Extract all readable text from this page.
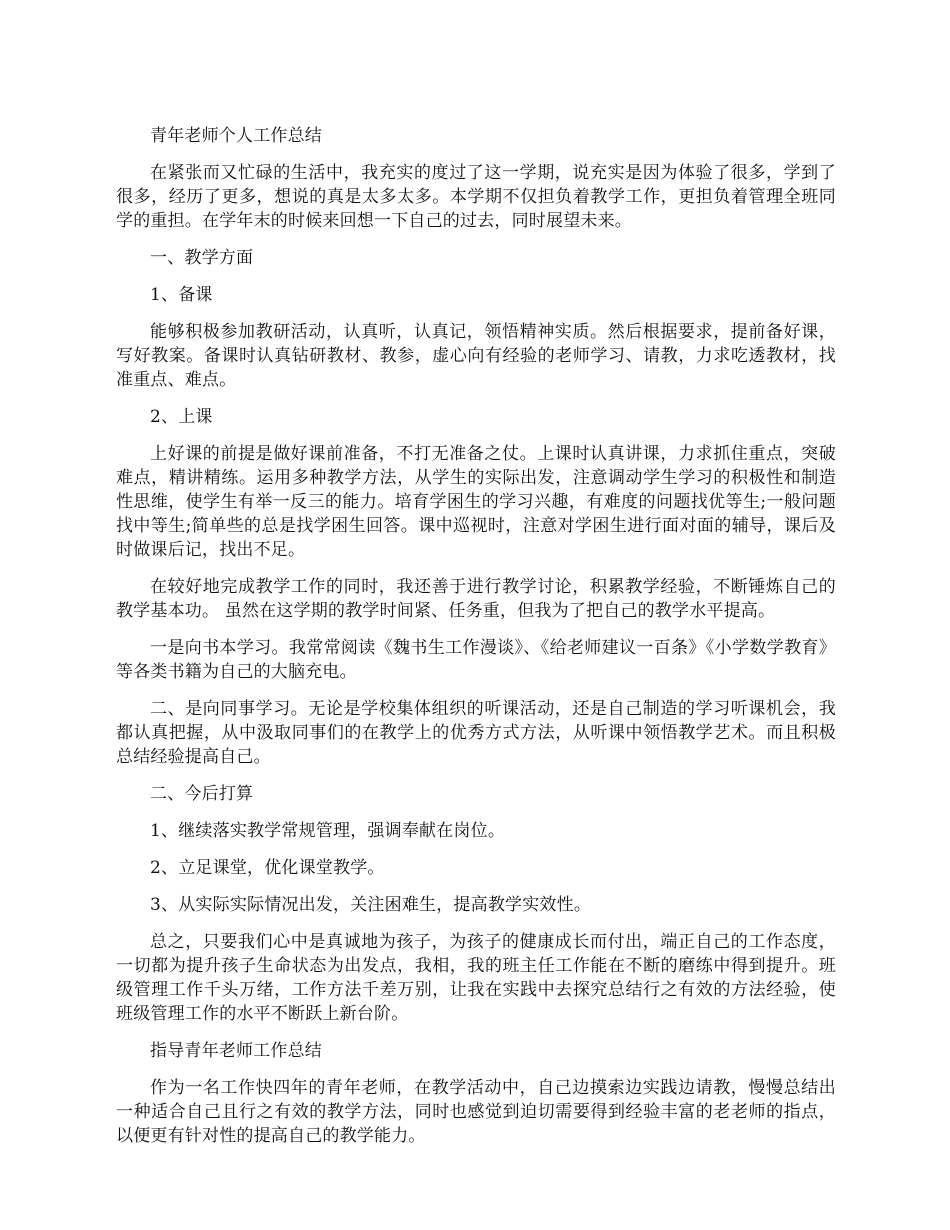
青年老师个人工作总结

在紧张而又忙碌的生活中，我充实的度过了这一学期，说充实是因为体验了很多，学到了很多，经历了更多，想说的真是太多太多。本学期不仅担负着教学工作，更担负着管理全班同学的重担。在学年末的时候来回想一下自己的过去，同时展望未来。

一、教学方面

1、备课

能够积极参加教研活动，认真听，认真记，领悟精神实质。然后根据要求，提前备好课，写好教案。备课时认真钻研教材、教参，虚心向有经验的老师学习、请教，力求吃透教材，找准重点、难点。

2、上课

上好课的前提是做好课前准备，不打无准备之仗。上课时认真讲课，力求抓住重点，突破难点，精讲精练。运用多种教学方法，从学生的实际出发，注意调动学生学习的积极性和制造性思维，使学生有举一反三的能力。培育学困生的学习兴趣，有难度的问题找优等生;一般问题找中等生;简单些的总是找学困生回答。课中巡视时，注意对学困生进行面对面的辅导，课后及时做课后记，找出不足。

在较好地完成教学工作的同时，我还善于进行教学讨论，积累教学经验，不断锤炼自己的教学基本功。 虽然在这学期的教学时间紧、任务重，但我为了把自己的教学水平提高。

一是向书本学习。我常常阅读《魏书生工作漫谈》、《给老师建议一百条》《小学数学教育》等各类书籍为自己的大脑充电。

二、是向同事学习。无论是学校集体组织的听课活动，还是自己制造的学习听课机会，我都认真把握，从中汲取同事们的在教学上的优秀方式方法，从听课中领悟教学艺术。而且积极总结经验提高自己。

二、今后打算

1、继续落实教学常规管理，强调奉献在岗位。

2、立足课堂，优化课堂教学。

3、从实际实际情况出发，关注困难生，提高教学实效性。

总之，只要我们心中是真诚地为孩子，为孩子的健康成长而付出，端正自己的工作态度，一切都为提升孩子生命状态为出发点，我相，我的班主任工作能在不断的磨练中得到提升。班级管理工作千头万绪，工作方法千差万别，让我在实践中去探究总结行之有效的方法经验，使班级管理工作的水平不断跃上新台阶。

指导青年老师工作总结

作为一名工作快四年的青年老师，在教学活动中，自己边摸索边实践边请教，慢慢总结出一种适合自己且行之有效的教学方法，同时也感觉到迫切需要得到经验丰富的老老师的指点，以便更有针对性的提高自己的教学能力。
